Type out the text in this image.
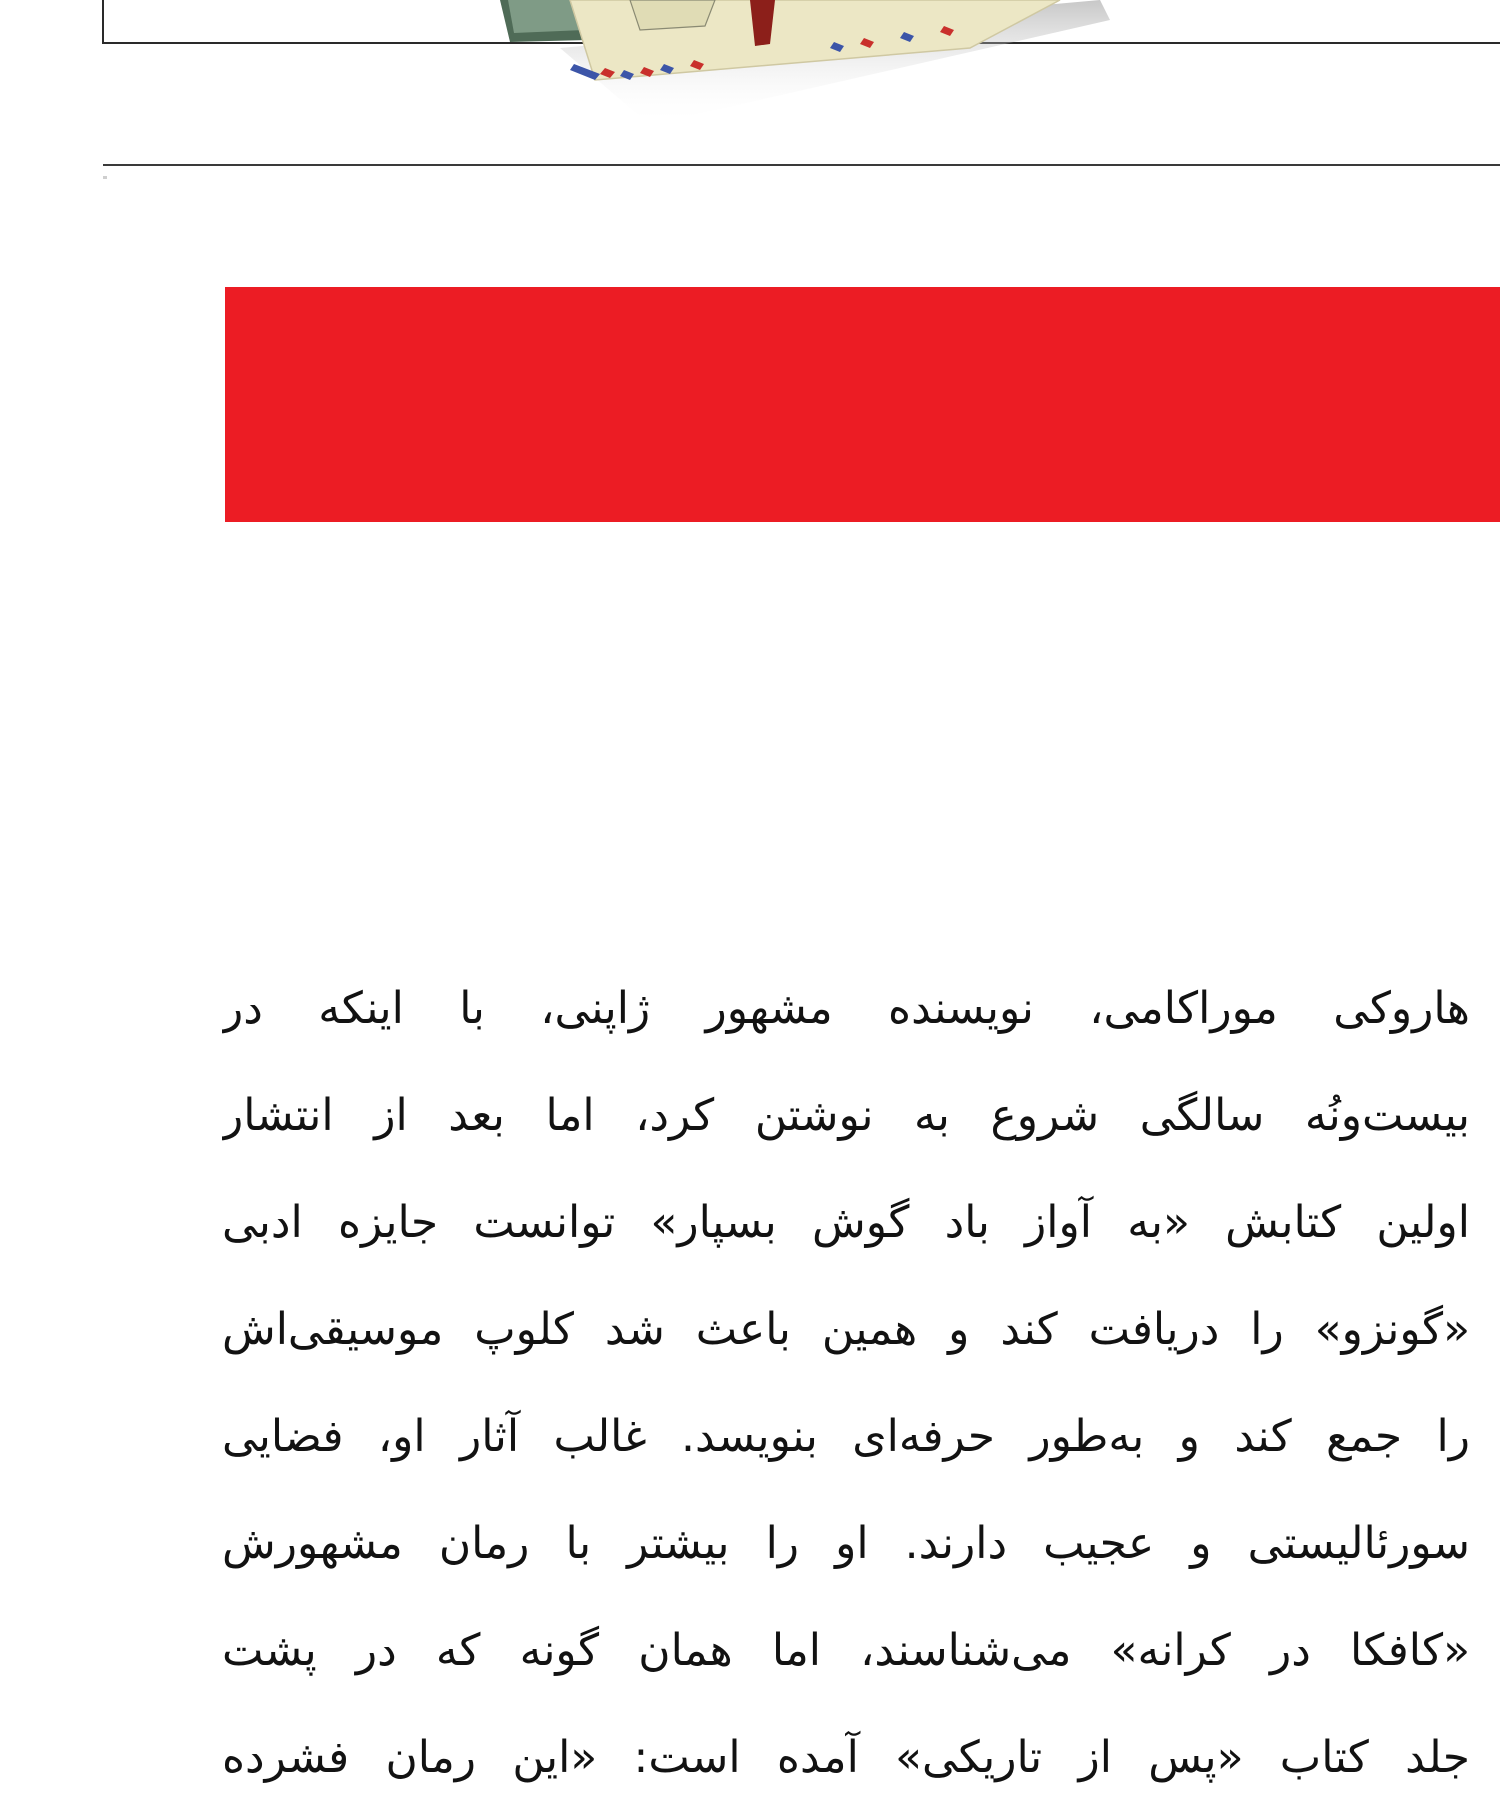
هاروکی موراکامی، نویسنده مشهور ژاپنی، با اینکه در
بیست‌ونُه سالگی شروع به نوشتن کرد، اما بعد از انتشار
اولین کتابش «به آواز باد گوش بسپار» توانست جایزه ادبی
«گونزو» را دریافت کند و همین باعث شد کلوپ موسیقی‌اش
را جمع کند و به‌طور حرفه‌ای بنویسد. غالب آثار او، فضایی
سورئالیستی و عجیب دارند. او را بیشتر با رمان مشهورش
«کافکا در کرانه» می‌شناسند، اما همان گونه که در پشت
جلد کتاب «پس از تاریکی» آمده است: «این رمان فشرده
